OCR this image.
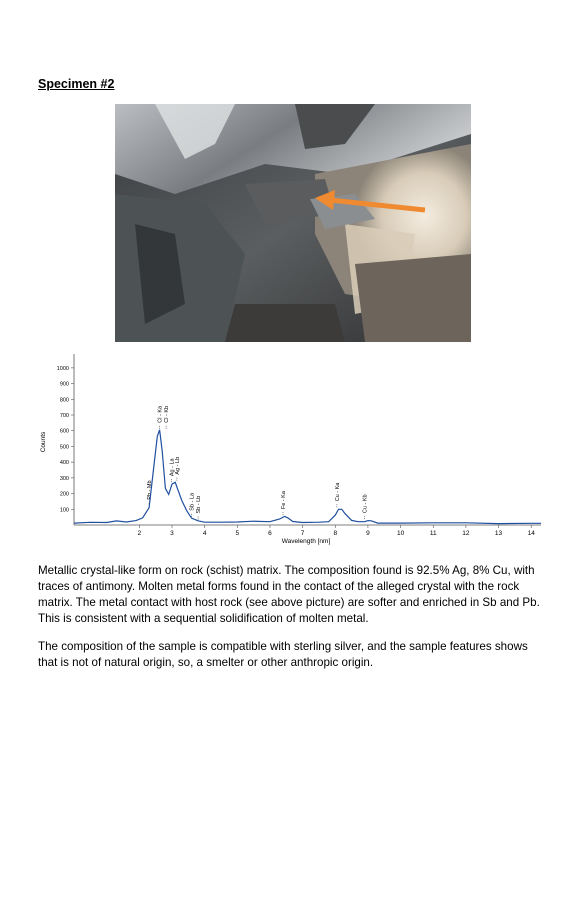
Specimen #2
2	3	4	5	6	7	8	9	10	11	12	13	14
100
200
300
400
500
600
700
800
900
1000
Pb - Mb
Cl - Ka Cl - Kb
Ag - La Ag - Lb
Sb - La Sb - Lb	Fe - Ka	Cu - Ka
Cu - Kb
Wavelength [nm]
Counts
Metallic crystal-like form on rock (schist) matrix. The composition found is 92.5% Ag, 8% Cu, with traces of antimony. Molten metal forms found in the contact of the alleged crystal with the rock matrix. The metal contact with host rock (see above picture) are softer and enriched in Sb and Pb. This is consistent with a sequential solidification of molten metal.
The composition of the sample is compatible with sterling silver, and the sample features shows that is not of natural origin, so, a smelter or other anthropic origin.
